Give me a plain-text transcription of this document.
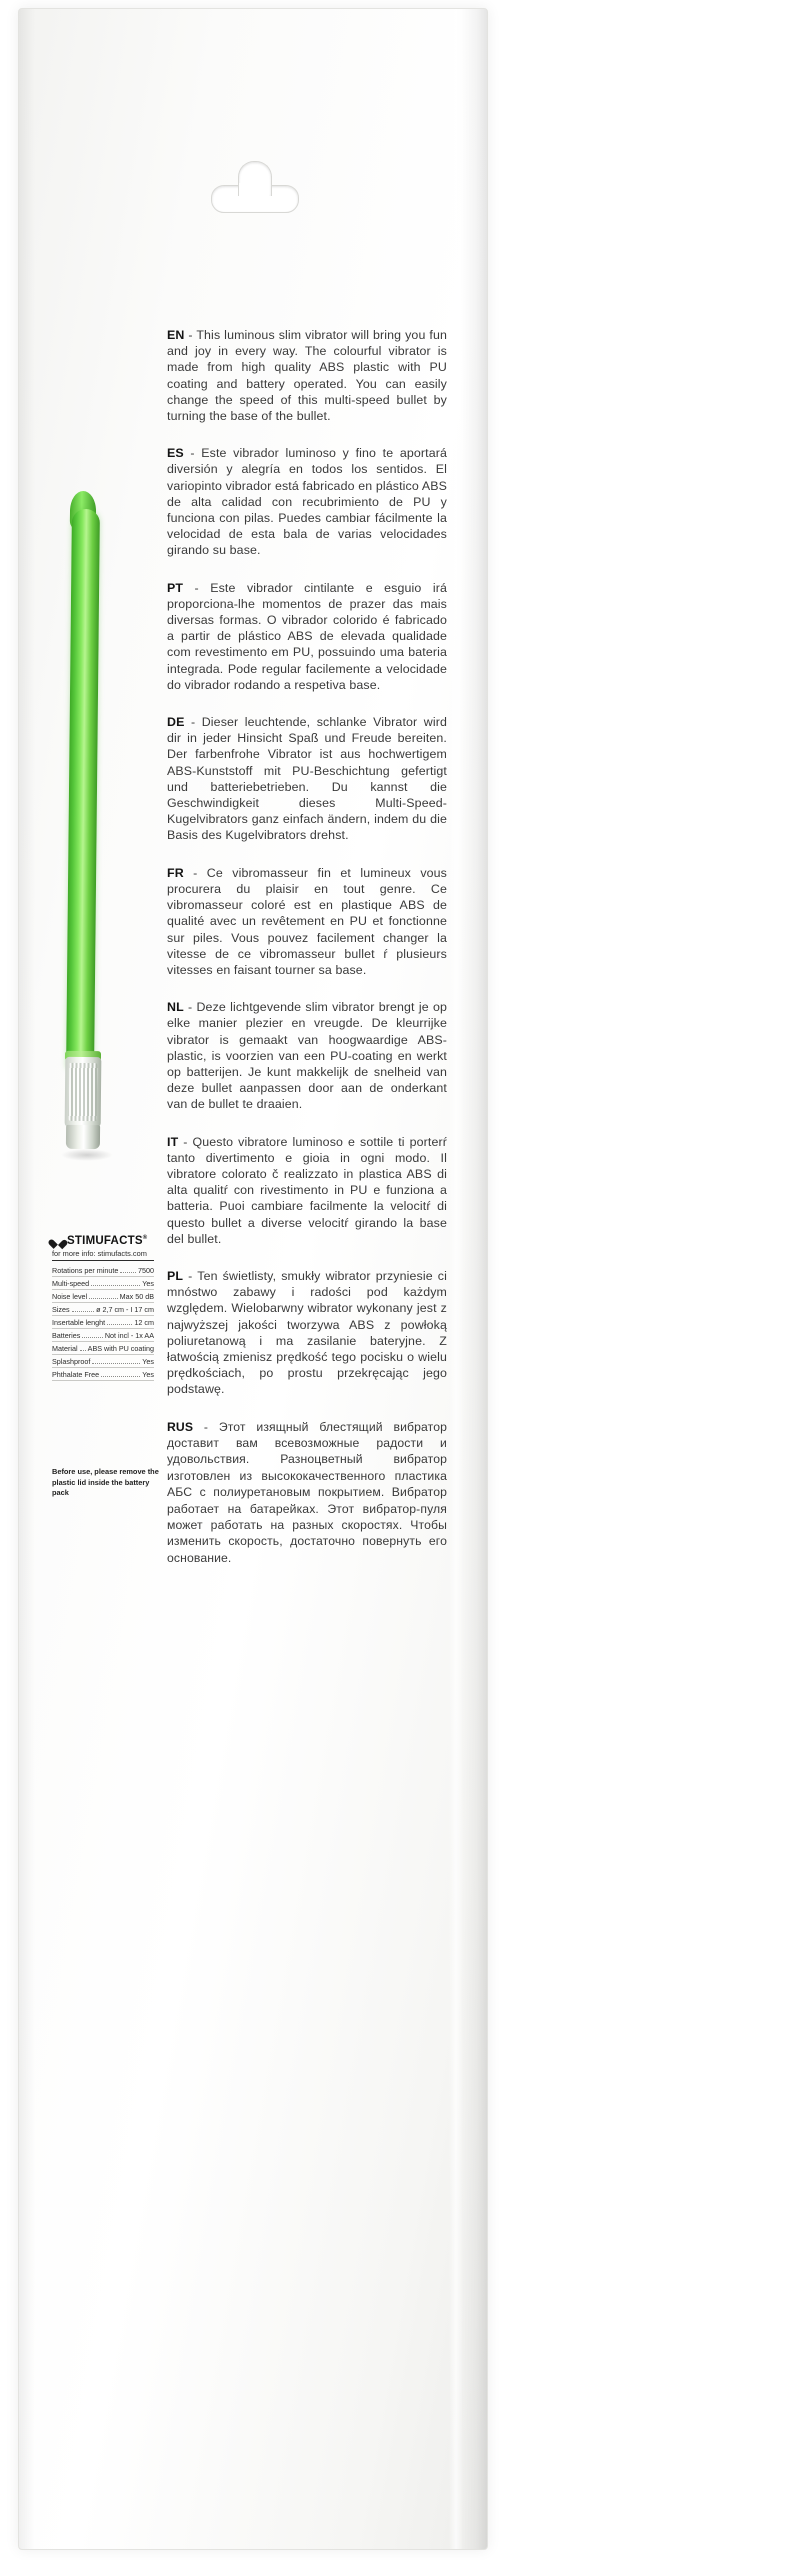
EN - This luminous slim vibrator will bring you fun and joy in every way. The colourful vibrator is made from high quality ABS plastic with PU coating and battery operated. You can easily change the speed of this multi-speed bullet by turning the base of the bullet.

ES - Este vibrador luminoso y fino te aportará diversión y alegría en todos los sentidos. El variopinto vibrador está fabricado en plástico ABS de alta calidad con recubrimiento de PU y funciona con pilas. Puedes cambiar fácilmente la velocidad de esta bala de varias velocidades girando su base.

PT - Este vibrador cintilante e esguio irá proporciona-lhe momentos de prazer das mais diversas formas. O vibrador colorido é fabricado a partir de plástico ABS de elevada qualidade com revestimento em PU, possuindo uma bateria integrada. Pode regular facilemente a velocidade do vibrador rodando a respetiva base.

DE - Dieser leuchtende, schlanke Vibrator wird dir in jeder Hinsicht Spaß und Freude bereiten. Der farbenfrohe Vibrator ist aus hochwertigem ABS-Kunststoff mit PU-Beschichtung gefertigt und batteriebetrieben. Du kannst die Geschwindigkeit dieses Multi-Speed-Kugelvibrators ganz einfach ändern, indem du die Basis des Kugelvibrators drehst.

FR - Ce vibromasseur fin et lumineux vous procurera du plaisir en tout genre. Ce vibromasseur coloré est en plastique ABS de qualité avec un revêtement en PU et fonctionne sur piles. Vous pouvez facilement changer la vitesse de ce vibromasseur bullet ŕ plusieurs vitesses en faisant tourner sa base.

NL - Deze lichtgevende slim vibrator brengt je op elke manier plezier en vreugde. De kleurrijke vibrator is gemaakt van hoogwaardige ABS-plastic, is voorzien van een PU-coating en werkt op batterijen. Je kunt makkelijk de snelheid van deze bullet aanpassen door aan de onderkant van de bullet te draaien.

IT - Questo vibratore luminoso e sottile ti porterŕ tanto divertimento e gioia in ogni modo. Il vibratore colorato č realizzato in plastica ABS di alta qualitŕ con rivestimento in PU e funziona a batteria. Puoi cambiare facilmente la velocitŕ di questo bullet a diverse velocitŕ girando la base del bullet.

PL - Ten świetlisty, smukły wibrator przyniesie ci mnóstwo zabawy i radości pod każdym względem. Wielobarwny wibrator wykonany jest z najwyższej jakości tworzywa ABS z powłoką poliuretanową i ma zasilanie bateryjne. Z łatwością zmienisz prędkość tego pocisku o wielu prędkościach, po prostu przekręcając jego podstawę.

RUS - Этот изящный блестящий вибратор доставит вам всевозможные радости и удовольствия. Разноцветный вибратор изготовлен из высококачественного пластика АБС с полиуретановым покрытием. Вибратор работает на батарейках. Этот вибратор-пуля может работать на разных скоростях. Чтобы изменить скорость, достаточно повернуть его основание.

STIMUFACTS®
for more info: stimufacts.com
Rotations per minute	7500
Multi-speed	Yes
Noise level	Max 50 dB
Sizes	ø 2,7 cm - I 17 cm
Insertable lenght	12 cm
Batteries	Not incl - 1x AA
Material ABS with PU coating
Splashproof	Yes
Phthalate Free	Yes
Before use, please remove the plastic lid inside the battery pack
